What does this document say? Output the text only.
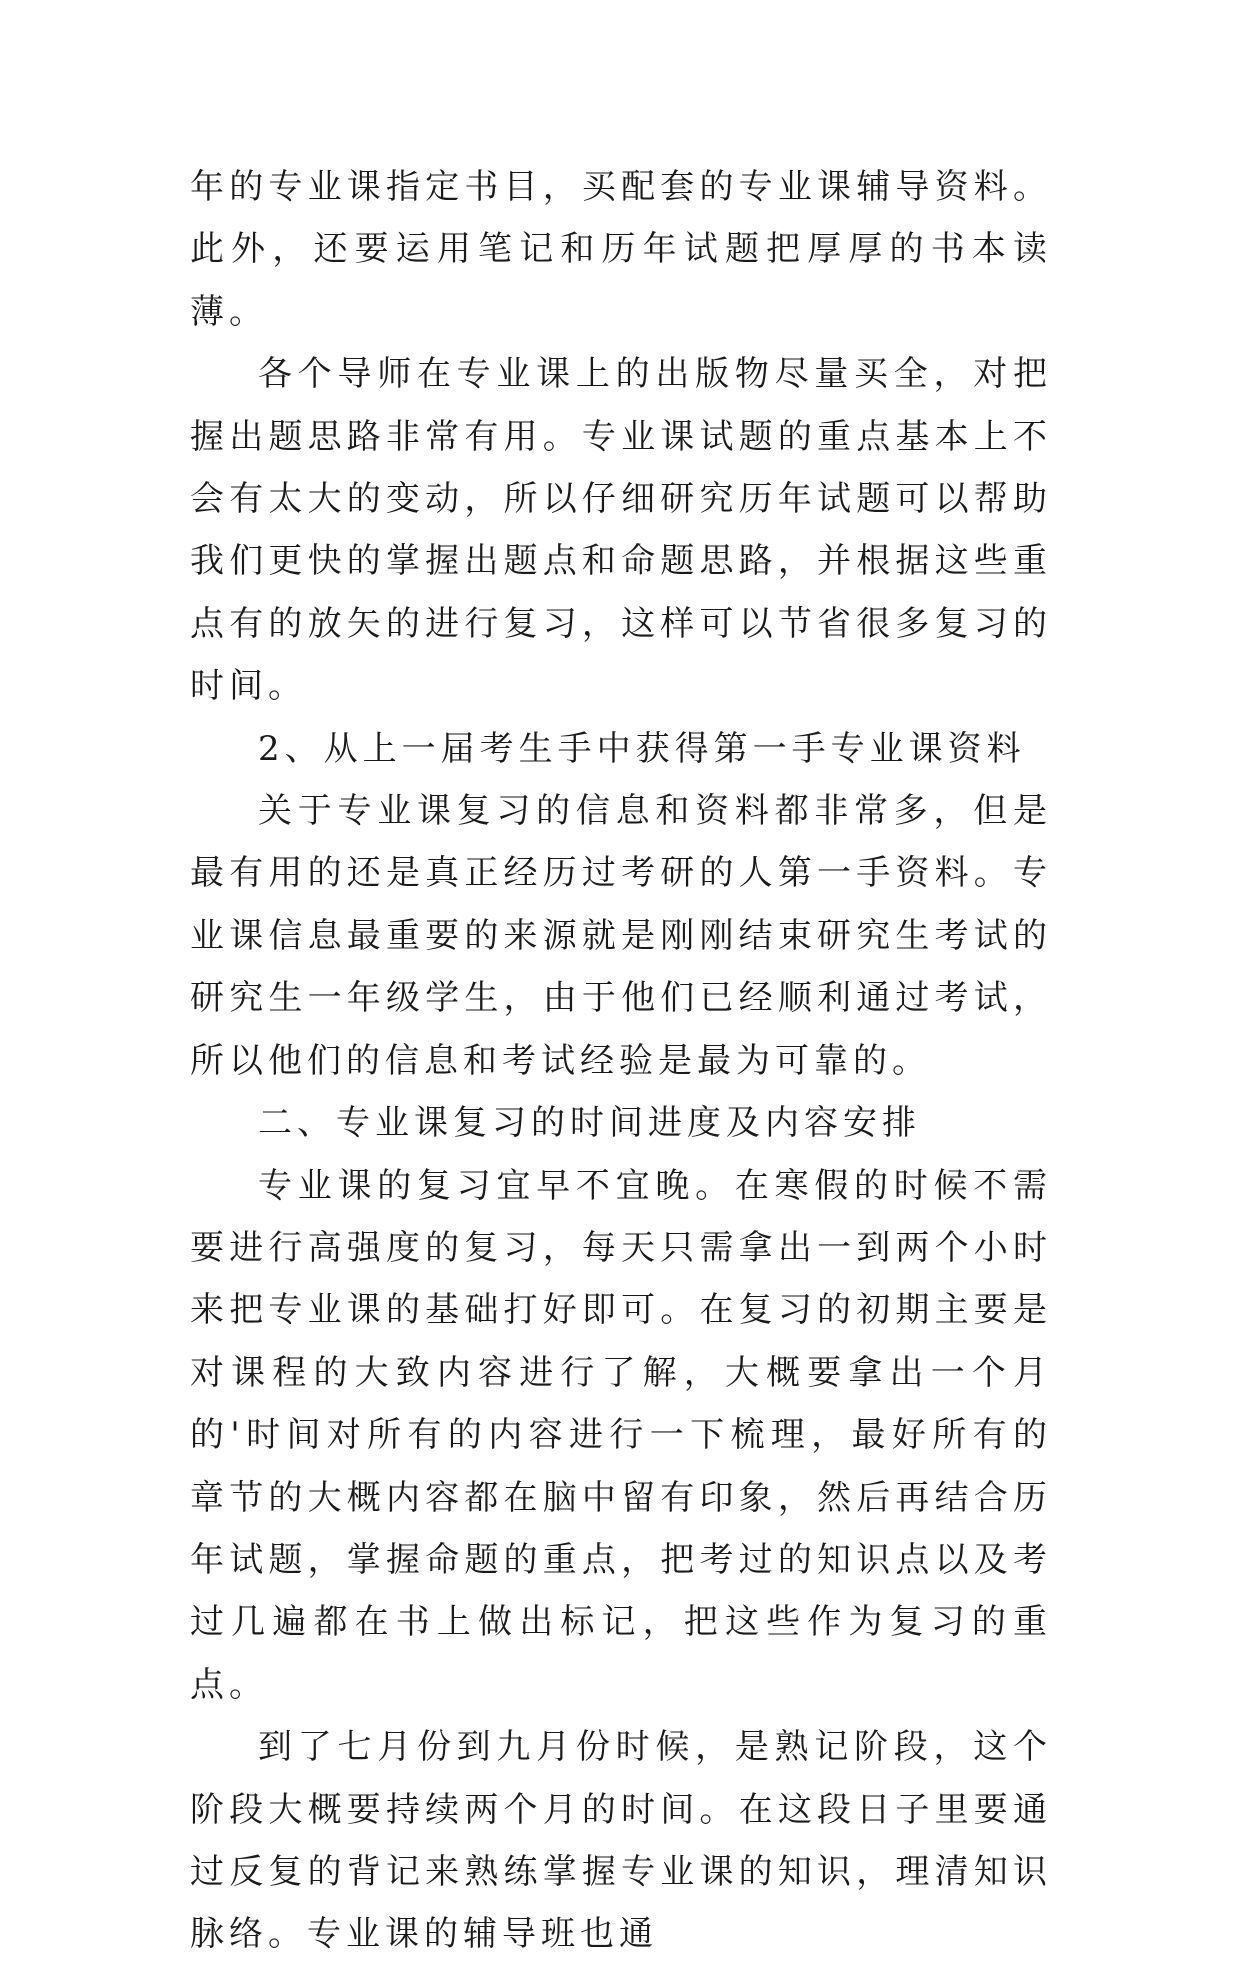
年的专业课指定书目，买配套的专业课辅导资料。此外，还要运用笔记和历年试题把厚厚的书本读薄。

各个导师在专业课上的出版物尽量买全，对把握出题思路非常有用。专业课试题的重点基本上不会有太大的变动，所以仔细研究历年试题可以帮助我们更快的掌握出题点和命题思路，并根据这些重点有的放矢的进行复习，这样可以节省很多复习的时间。

2、从上一届考生手中获得第一手专业课资料

关于专业课复习的信息和资料都非常多，但是最有用的还是真正经历过考研的人第一手资料。专业课信息最重要的来源就是刚刚结束研究生考试的研究生一年级学生，由于他们已经顺利通过考试，所以他们的信息和考试经验是最为可靠的。

二、专业课复习的时间进度及内容安排

专业课的复习宜早不宜晚。在寒假的时候不需要进行高强度的复习，每天只需拿出一到两个小时来把专业课的基础打好即可。在复习的初期主要是对课程的大致内容进行了解，大概要拿出一个月的'时间对所有的内容进行一下梳理，最好所有的章节的大概内容都在脑中留有印象，然后再结合历年试题，掌握命题的重点，把考过的知识点以及考过几遍都在书上做出标记，把这些作为复习的重点。

到了七月份到九月份时候，是熟记阶段，这个阶段大概要持续两个月的时间。在这段日子里要通过反复的背记来熟练掌握专业课的知识，理清知识脉络。专业课的辅导班也通
